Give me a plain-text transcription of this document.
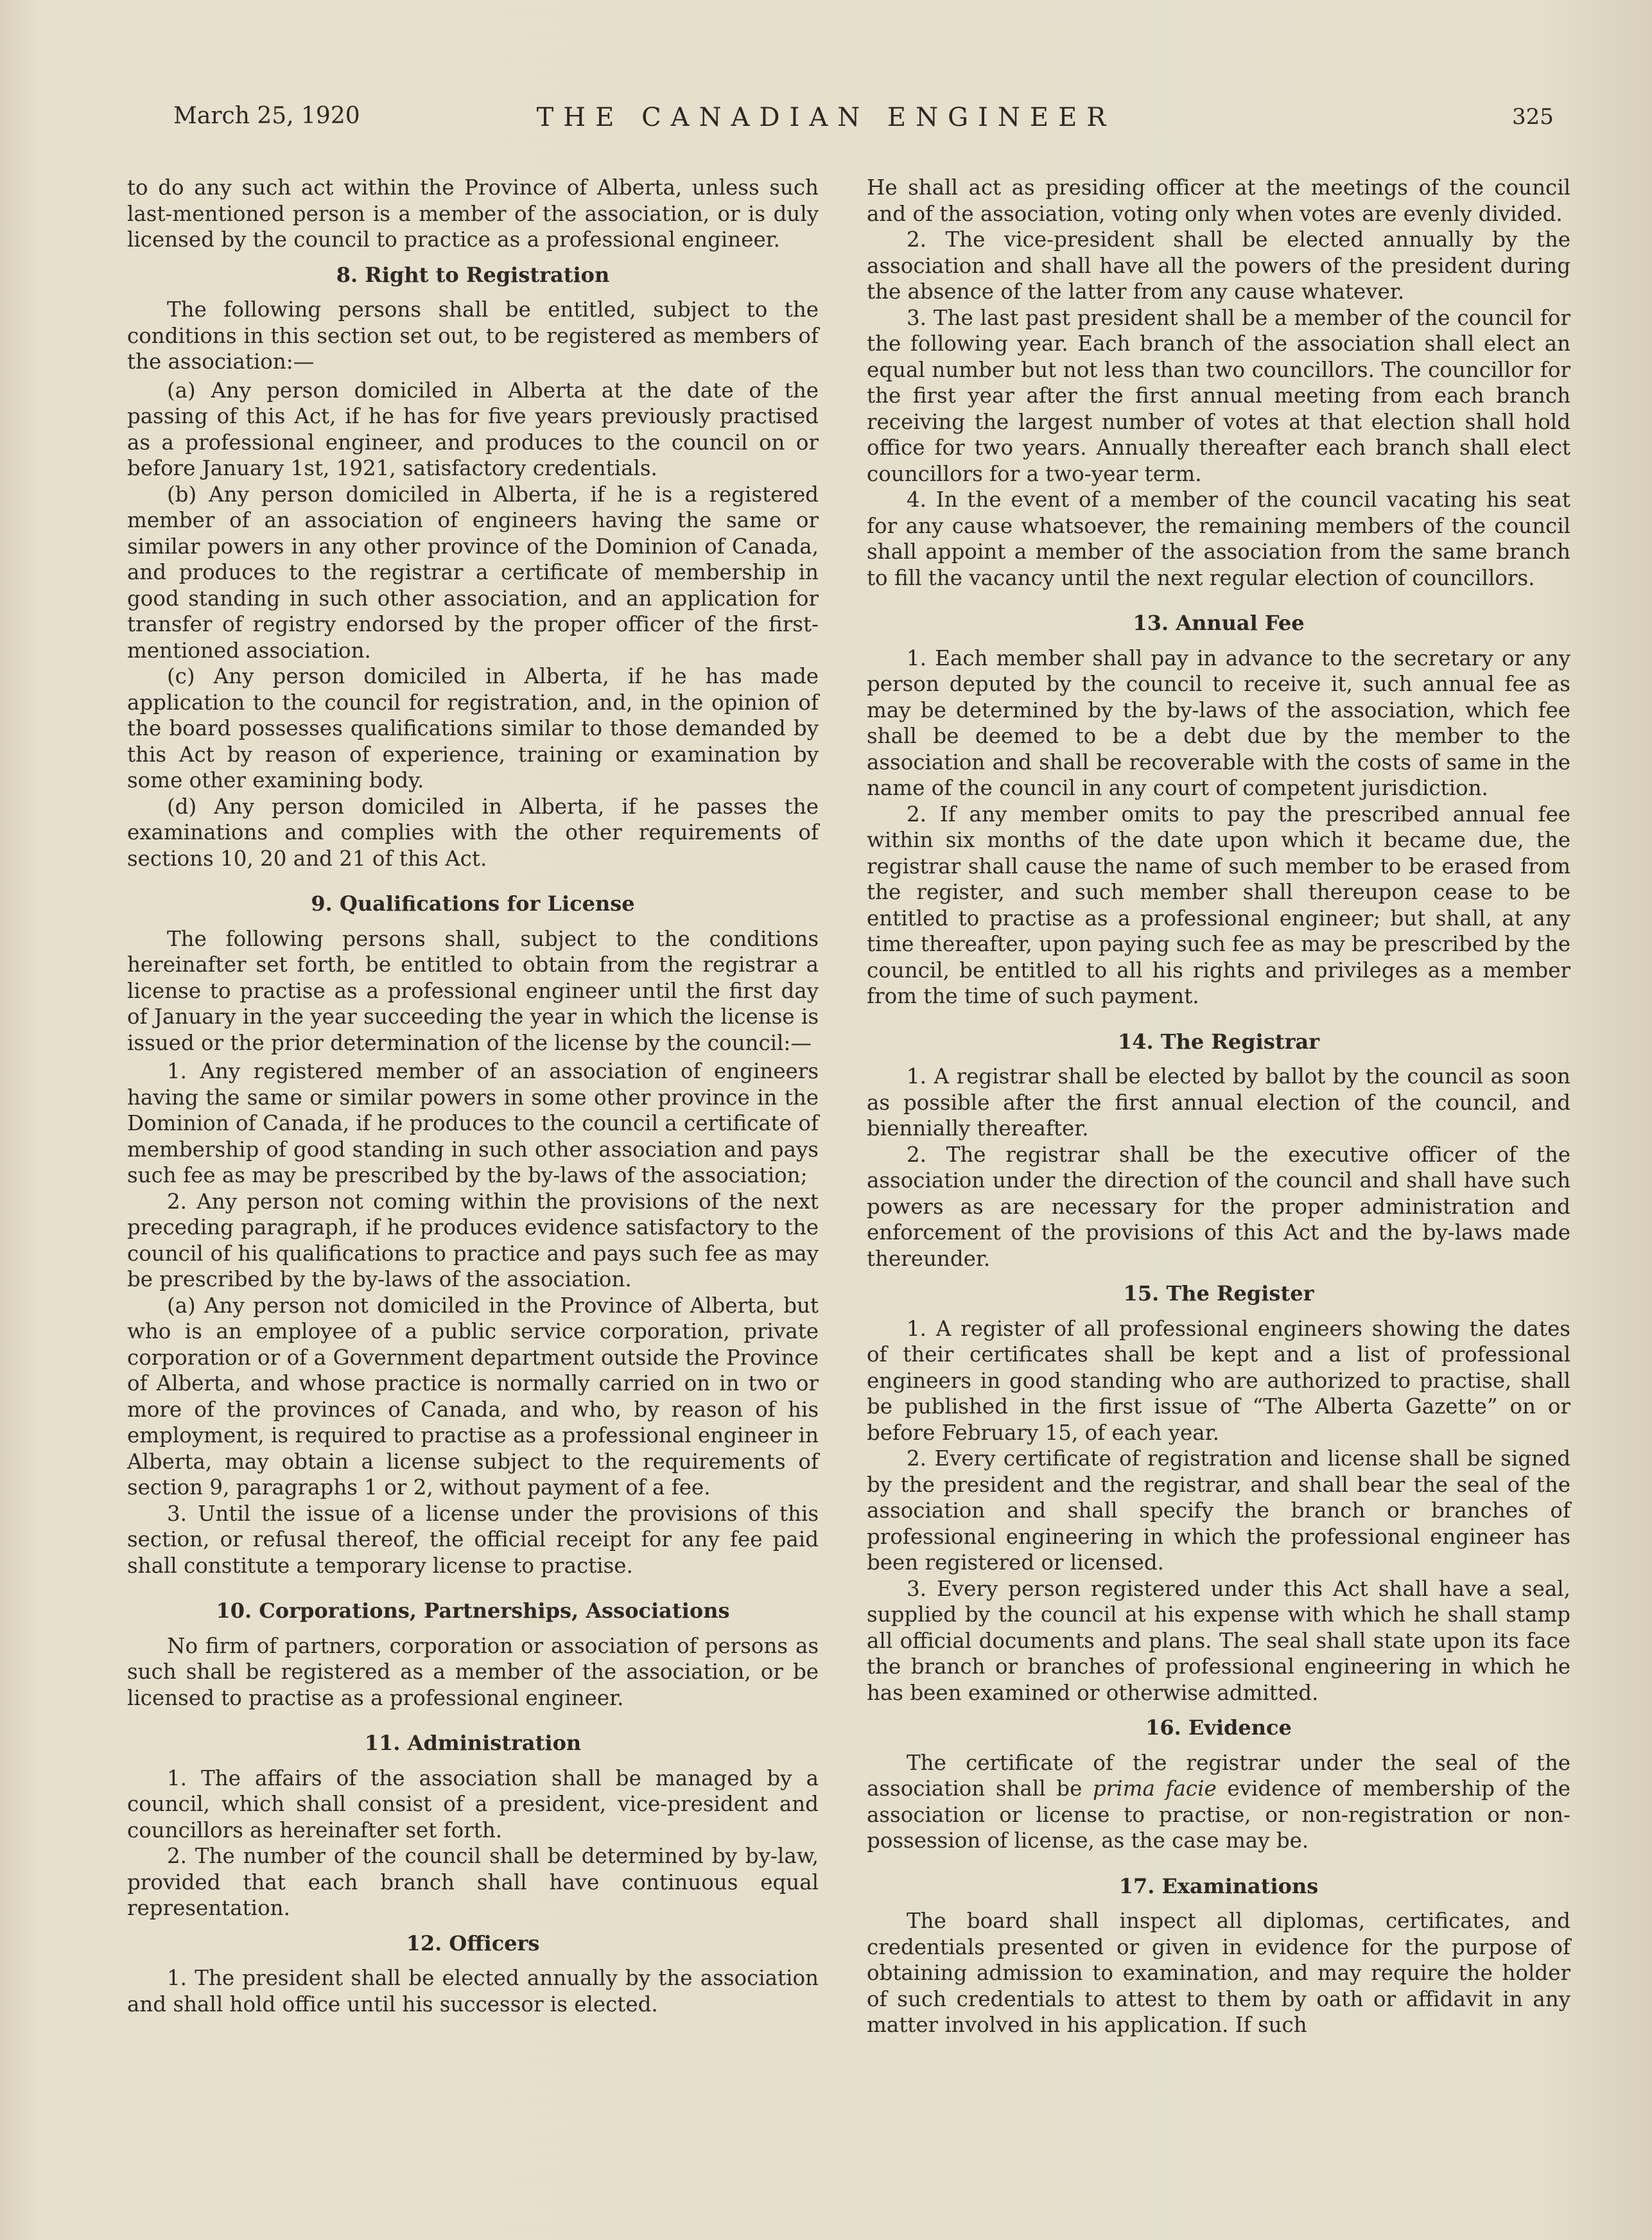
March 25, 1920	THE CANADIAN ENGINEER	325

to do any such act within the Province of Alberta, unless such last-mentioned person is a member of the association, or is duly licensed by the council to practice as a professional engineer.

8. Right to Registration

The following persons shall be entitled, subject to the conditions in this section set out, to be registered as members of the association:—

(a) Any person domiciled in Alberta at the date of the passing of this Act, if he has for five years previously practised as a professional engineer, and produces to the council on or before January 1st, 1921, satisfactory credentials.

(b) Any person domiciled in Alberta, if he is a registered member of an association of engineers having the same or similar powers in any other province of the Dominion of Canada, and produces to the registrar a certificate of membership in good standing in such other association, and an application for transfer of registry endorsed by the proper officer of the first-mentioned association.

(c) Any person domiciled in Alberta, if he has made application to the council for registration, and, in the opinion of the board possesses qualifications similar to those demanded by this Act by reason of experience, training or examination by some other examining body.

(d) Any person domiciled in Alberta, if he passes the examinations and complies with the other requirements of sections 10, 20 and 21 of this Act.

9. Qualifications for License

The following persons shall, subject to the conditions hereinafter set forth, be entitled to obtain from the registrar a license to practise as a professional engineer until the first day of January in the year succeeding the year in which the license is issued or the prior determination of the license by the council:—

1. Any registered member of an association of engineers having the same or similar powers in some other province in the Dominion of Canada, if he produces to the council a certificate of membership of good standing in such other association and pays such fee as may be prescribed by the by-laws of the association;

2. Any person not coming within the provisions of the next preceding paragraph, if he produces evidence satisfactory to the council of his qualifications to practice and pays such fee as may be prescribed by the by-laws of the association.

(a) Any person not domiciled in the Province of Alberta, but who is an employee of a public service corporation, private corporation or of a Government department outside the Province of Alberta, and whose practice is normally carried on in two or more of the provinces of Canada, and who, by reason of his employment, is required to practise as a professional engineer in Alberta, may obtain a license subject to the requirements of section 9, paragraphs 1 or 2, without payment of a fee.

3. Until the issue of a license under the provisions of this section, or refusal thereof, the official receipt for any fee paid shall constitute a temporary license to practise.

10. Corporations, Partnerships, Associations

No firm of partners, corporation or association of persons as such shall be registered as a member of the association, or be licensed to practise as a professional engineer.

11. Administration

1. The affairs of the association shall be managed by a council, which shall consist of a president, vice-president and councillors as hereinafter set forth.

2. The number of the council shall be determined by by-law, provided that each branch shall have continuous equal representation.

12. Officers

1. The president shall be elected annually by the association and shall hold office until his successor is elected.

He shall act as presiding officer at the meetings of the council and of the association, voting only when votes are evenly divided.

2. The vice-president shall be elected annually by the association and shall have all the powers of the president during the absence of the latter from any cause whatever.

3. The last past president shall be a member of the council for the following year. Each branch of the association shall elect an equal number but not less than two councillors. The councillor for the first year after the first annual meeting from each branch receiving the largest number of votes at that election shall hold office for two years. Annually thereafter each branch shall elect councillors for a two-year term.

4. In the event of a member of the council vacating his seat for any cause whatsoever, the remaining members of the council shall appoint a member of the association from the same branch to fill the vacancy until the next regular election of councillors.

13. Annual Fee

1. Each member shall pay in advance to the secretary or any person deputed by the council to receive it, such annual fee as may be determined by the by-laws of the association, which fee shall be deemed to be a debt due by the member to the association and shall be recoverable with the costs of same in the name of the council in any court of competent jurisdiction.

2. If any member omits to pay the prescribed annual fee within six months of the date upon which it became due, the registrar shall cause the name of such member to be erased from the register, and such member shall thereupon cease to be entitled to practise as a professional engineer; but shall, at any time thereafter, upon paying such fee as may be prescribed by the council, be entitled to all his rights and privileges as a member from the time of such payment.

14. The Registrar

1. A registrar shall be elected by ballot by the council as soon as possible after the first annual election of the council, and biennially thereafter.

2. The registrar shall be the executive officer of the association under the direction of the council and shall have such powers as are necessary for the proper administration and enforcement of the provisions of this Act and the by-laws made thereunder.

15. The Register

1. A register of all professional engineers showing the dates of their certificates shall be kept and a list of professional engineers in good standing who are authorized to practise, shall be published in the first issue of “The Alberta Gazette” on or before February 15, of each year.

2. Every certificate of registration and license shall be signed by the president and the registrar, and shall bear the seal of the association and shall specify the branch or branches of professional engineering in which the professional engineer has been registered or licensed.

3. Every person registered under this Act shall have a seal, supplied by the council at his expense with which he shall stamp all official documents and plans. The seal shall state upon its face the branch or branches of professional engineering in which he has been examined or otherwise admitted.

16. Evidence

The certificate of the registrar under the seal of the association shall be prima facie evidence of membership of the association or license to practise, or non-registration or non-possession of license, as the case may be.

17. Examinations

The board shall inspect all diplomas, certificates, and credentials presented or given in evidence for the purpose of obtaining admission to examination, and may require the holder of such credentials to attest to them by oath or affidavit in any matter involved in his application. If such
